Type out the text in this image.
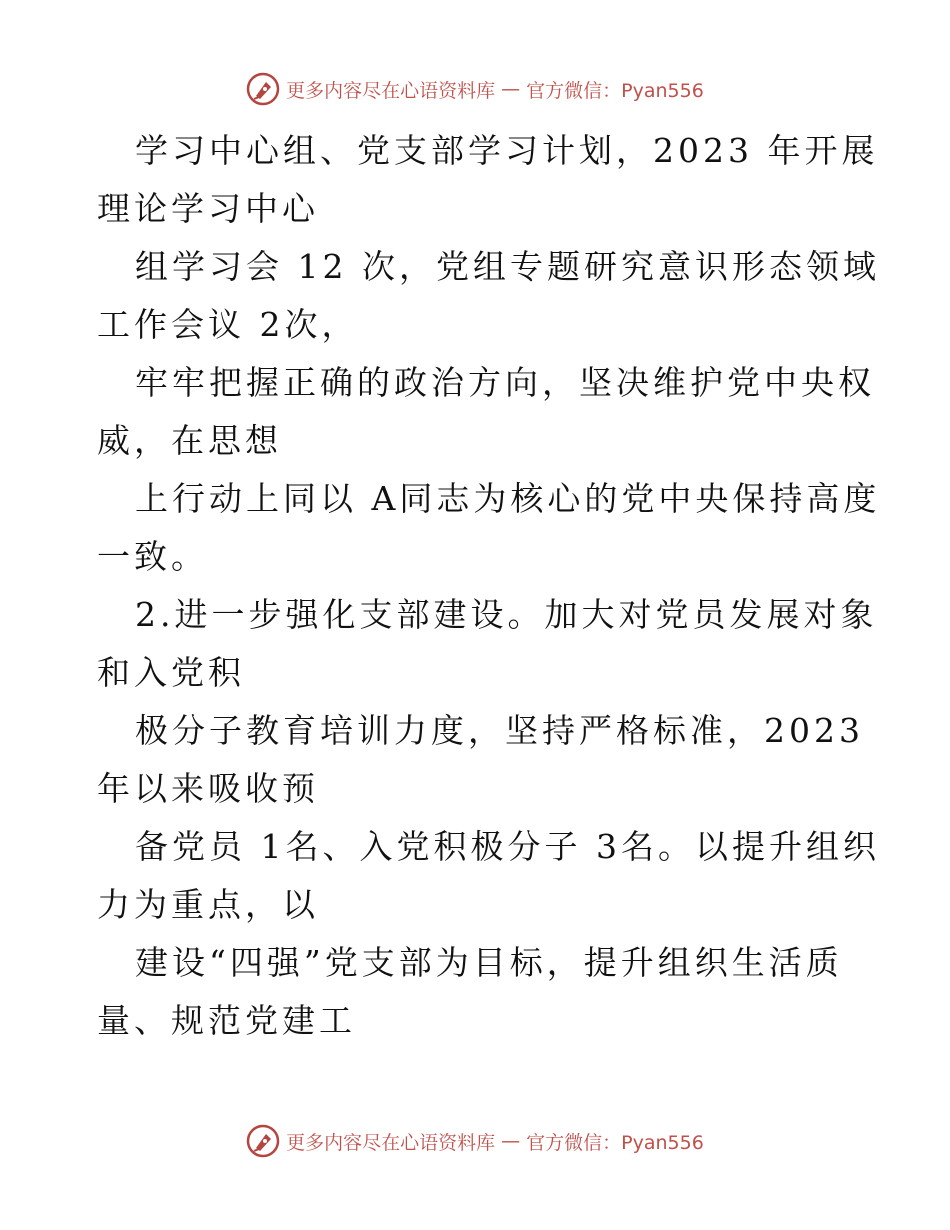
更多内容尽在心语资料库 — 官方微信：Pyan556

学习中心组、党支部学习计划，2023 年开展理论学习中心

组学习会 12 次，党组专题研究意识形态领域工作会议 2次，

牢牢把握正确的政治方向，坚决维护党中央权威，在思想

上行动上同以 A同志为核心的党中央保持高度一致。

2.进一步强化支部建设。加大对党员发展对象和入党积

极分子教育培训力度，坚持严格标准，2023 年以来吸收预

备党员 1名、入党积极分子 3名。以提升组织力为重点，以

建设“四强”党支部为目标，提升组织生活质量、规范党建工

更多内容尽在心语资料库 — 官方微信：Pyan556
